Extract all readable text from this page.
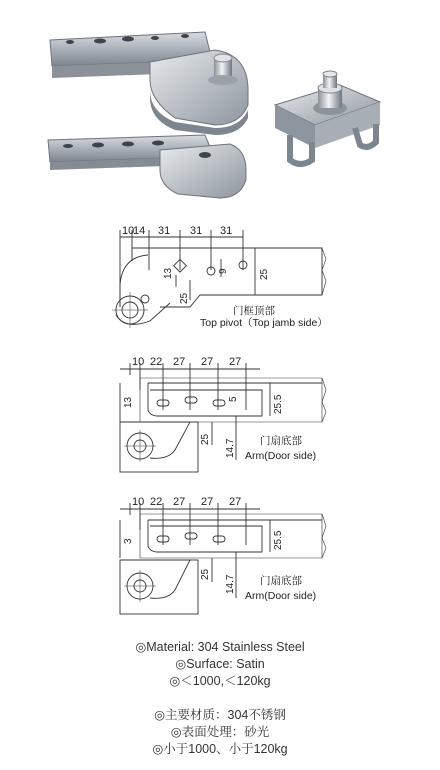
10
14 31 31 31
13	9	25
25
门框顶部
Top pivot（Top jamb side）
10 22 27 27 27
13	5	25.5
25 14.7 门扇底部
Arm(Door side)
10 22 27 27 27
3	25.5
25
14.7 门扇底部
Arm(Door side)
◎Material: 304 Stainless Steel
◎Surface: Satin
◎＜1000,＜120kg
◎主要材质：304不锈钢
◎表面处理：砂光
◎小于1000、小于120kg
